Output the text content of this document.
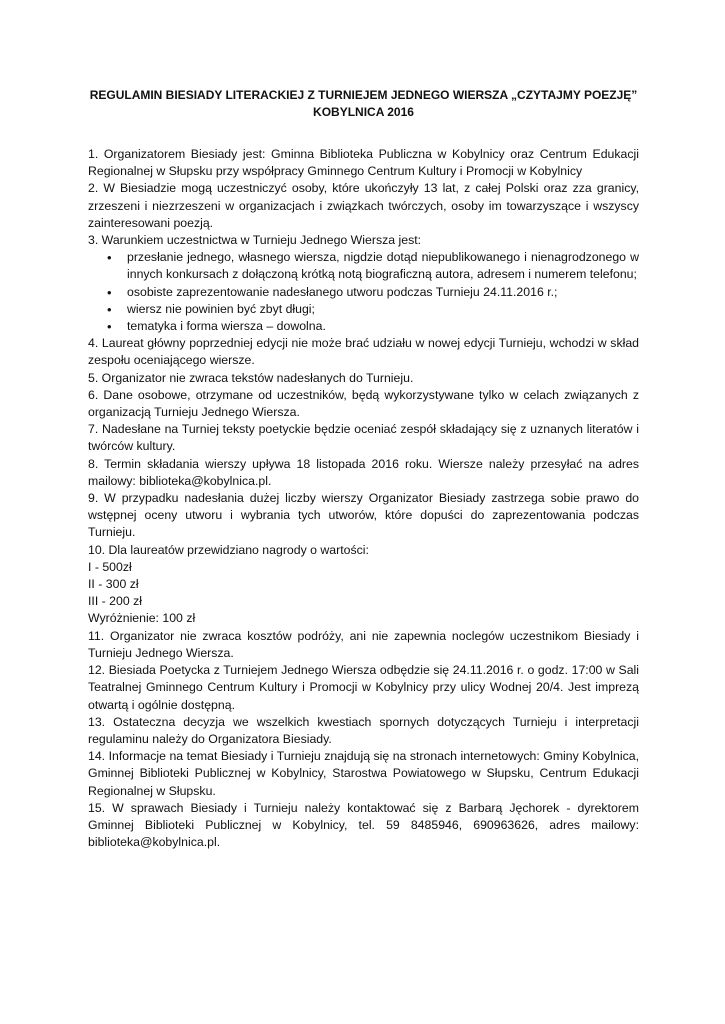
REGULAMIN BIESIADY LITERACKIEJ Z TURNIEJEM JEDNEGO WIERSZA „CZYTAJMY POEZJĘ”
KOBYLNICA 2016

1. Organizatorem Biesiady jest: Gminna Biblioteka Publiczna w Kobylnicy oraz Centrum Edukacji Regionalnej w Słupsku przy współpracy Gminnego Centrum Kultury i Promocji w Kobylnicy

2. W Biesiadzie mogą uczestniczyć osoby, które ukończyły 13 lat, z całej Polski oraz zza granicy, zrzeszeni i niezrzeszeni w organizacjach i związkach twórczych, osoby im towarzyszące i wszyscy zainteresowani poezją.

3. Warunkiem uczestnictwa w Turnieju Jednego Wiersza jest:

• przesłanie jednego, własnego wiersza, nigdzie dotąd niepublikowanego i nienagrodzonego w innych konkursach z dołączoną krótką notą biograficzną autora, adresem i numerem telefonu;
• osobiste zaprezentowanie nadesłanego utworu podczas Turnieju 24.11.2016 r.;
• wiersz nie powinien być zbyt długi;
• tematyka i forma wiersza – dowolna.

4. Laureat główny poprzedniej edycji nie może brać udziału w nowej edycji Turnieju, wchodzi w skład zespołu oceniającego wiersze.

5. Organizator nie zwraca tekstów nadesłanych do Turnieju.

6. Dane osobowe, otrzymane od uczestników, będą wykorzystywane tylko w celach związanych z organizacją Turnieju Jednego Wiersza.

7. Nadesłane na Turniej teksty poetyckie będzie oceniać zespół składający się z uznanych literatów i twórców kultury.

8. Termin składania wierszy upływa 18 listopada 2016 roku. Wiersze należy przesyłać na adres mailowy: biblioteka@kobylnica.pl.

9. W przypadku nadesłania dużej liczby wierszy Organizator Biesiady zastrzega sobie prawo do wstępnej oceny utworu i wybrania tych utworów, które dopuści do zaprezentowania podczas Turnieju.

10. Dla laureatów przewidziano nagrody o wartości:

I - 500zł

II - 300 zł

III - 200 zł

Wyróżnienie: 100 zł

11. Organizator nie zwraca kosztów podróży, ani nie zapewnia noclegów uczestnikom Biesiady i Turnieju Jednego Wiersza.

12. Biesiada Poetycka z Turniejem Jednego Wiersza odbędzie się 24.11.2016 r. o godz. 17:00 w Sali Teatralnej Gminnego Centrum Kultury i Promocji w Kobylnicy przy ulicy Wodnej 20/4. Jest imprezą otwartą i ogólnie dostępną.

13. Ostateczna decyzja we wszelkich kwestiach spornych dotyczących Turnieju i interpretacji regulaminu należy do Organizatora Biesiady.

14. Informacje na temat Biesiady i Turnieju znajdują się na stronach internetowych: Gminy Kobylnica, Gminnej Biblioteki Publicznej w Kobylnicy, Starostwa Powiatowego w Słupsku, Centrum Edukacji Regionalnej w Słupsku.

15. W sprawach Biesiady i Turnieju należy kontaktować się z Barbarą Jęchorek - dyrektorem Gminnej Biblioteki Publicznej w Kobylnicy, tel. 59 8485946, 690963626, adres mailowy: biblioteka@kobylnica.pl.
